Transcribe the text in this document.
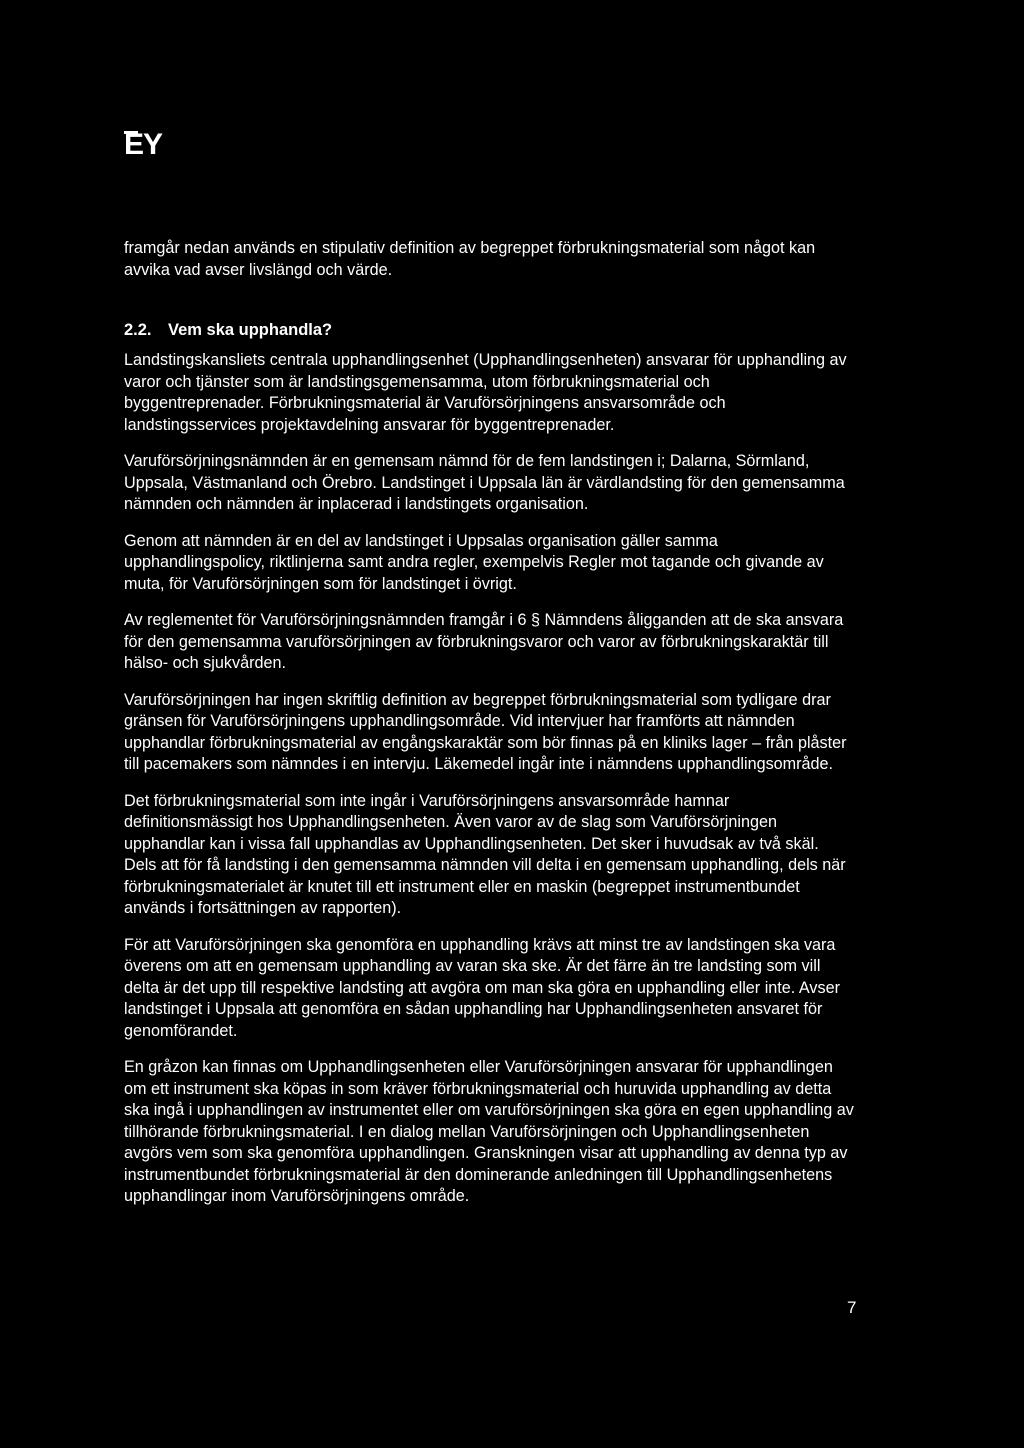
EY

framgår nedan används en stipulativ definition av begreppet förbrukningsmaterial som något kan avvika vad avser livslängd och värde.

2.2. Vem ska upphandla?

Landstingskansliets centrala upphandlingsenhet (Upphandlingsenheten) ansvarar för upphandling av varor och tjänster som är landstingsgemensamma, utom förbrukningsmaterial och byggentreprenader. Förbrukningsmaterial är Varuförsörjningens ansvarsområde och landstingsservices projektavdelning ansvarar för byggentreprenader.

Varuförsörjningsnämnden är en gemensam nämnd för de fem landstingen i; Dalarna, Sörmland, Uppsala, Västmanland och Örebro. Landstinget i Uppsala län är värdlandsting för den gemensamma nämnden och nämnden är inplacerad i landstingets organisation.

Genom att nämnden är en del av landstinget i Uppsalas organisation gäller samma upphandlingspolicy, riktlinjerna samt andra regler, exempelvis Regler mot tagande och givande av muta, för Varuförsörjningen som för landstinget i övrigt.

Av reglementet för Varuförsörjningsnämnden framgår i 6 § Nämndens åligganden att de ska ansvara för den gemensamma varuförsörjningen av förbrukningsvaror och varor av förbrukningskaraktär till hälso- och sjukvården.

Varuförsörjningen har ingen skriftlig definition av begreppet förbrukningsmaterial som tydligare drar gränsen för Varuförsörjningens upphandlingsområde. Vid intervjuer har framförts att nämnden upphandlar förbrukningsmaterial av engångskaraktär som bör finnas på en kliniks lager – från plåster till pacemakers som nämndes i en intervju. Läkemedel ingår inte i nämndens upphandlingsområde.

Det förbrukningsmaterial som inte ingår i Varuförsörjningens ansvarsområde hamnar definitionsmässigt hos Upphandlingsenheten. Även varor av de slag som Varuförsörjningen upphandlar kan i vissa fall upphandlas av Upphandlingsenheten. Det sker i huvudsak av två skäl. Dels att för få landsting i den gemensamma nämnden vill delta i en gemensam upphandling, dels när förbrukningsmaterialet är knutet till ett instrument eller en maskin (begreppet instrumentbundet används i fortsättningen av rapporten).

För att Varuförsörjningen ska genomföra en upphandling krävs att minst tre av landstingen ska vara överens om att en gemensam upphandling av varan ska ske. Är det färre än tre landsting som vill delta är det upp till respektive landsting att avgöra om man ska göra en upphandling eller inte. Avser landstinget i Uppsala att genomföra en sådan upphandling har Upphandlingsenheten ansvaret för genomförandet.

En gråzon kan finnas om Upphandlingsenheten eller Varuförsörjningen ansvarar för upphandlingen om ett instrument ska köpas in som kräver förbrukningsmaterial och huruvida upphandling av detta ska ingå i upphandlingen av instrumentet eller om varuförsörjningen ska göra en egen upphandling av tillhörande förbrukningsmaterial. I en dialog mellan Varuförsörjningen och Upphandlingsenheten avgörs vem som ska genomföra upphandlingen. Granskningen visar att upphandling av denna typ av instrumentbundet förbrukningsmaterial är den dominerande anledningen till Upphandlingsenhetens upphandlingar inom Varuförsörjningens område.

7
